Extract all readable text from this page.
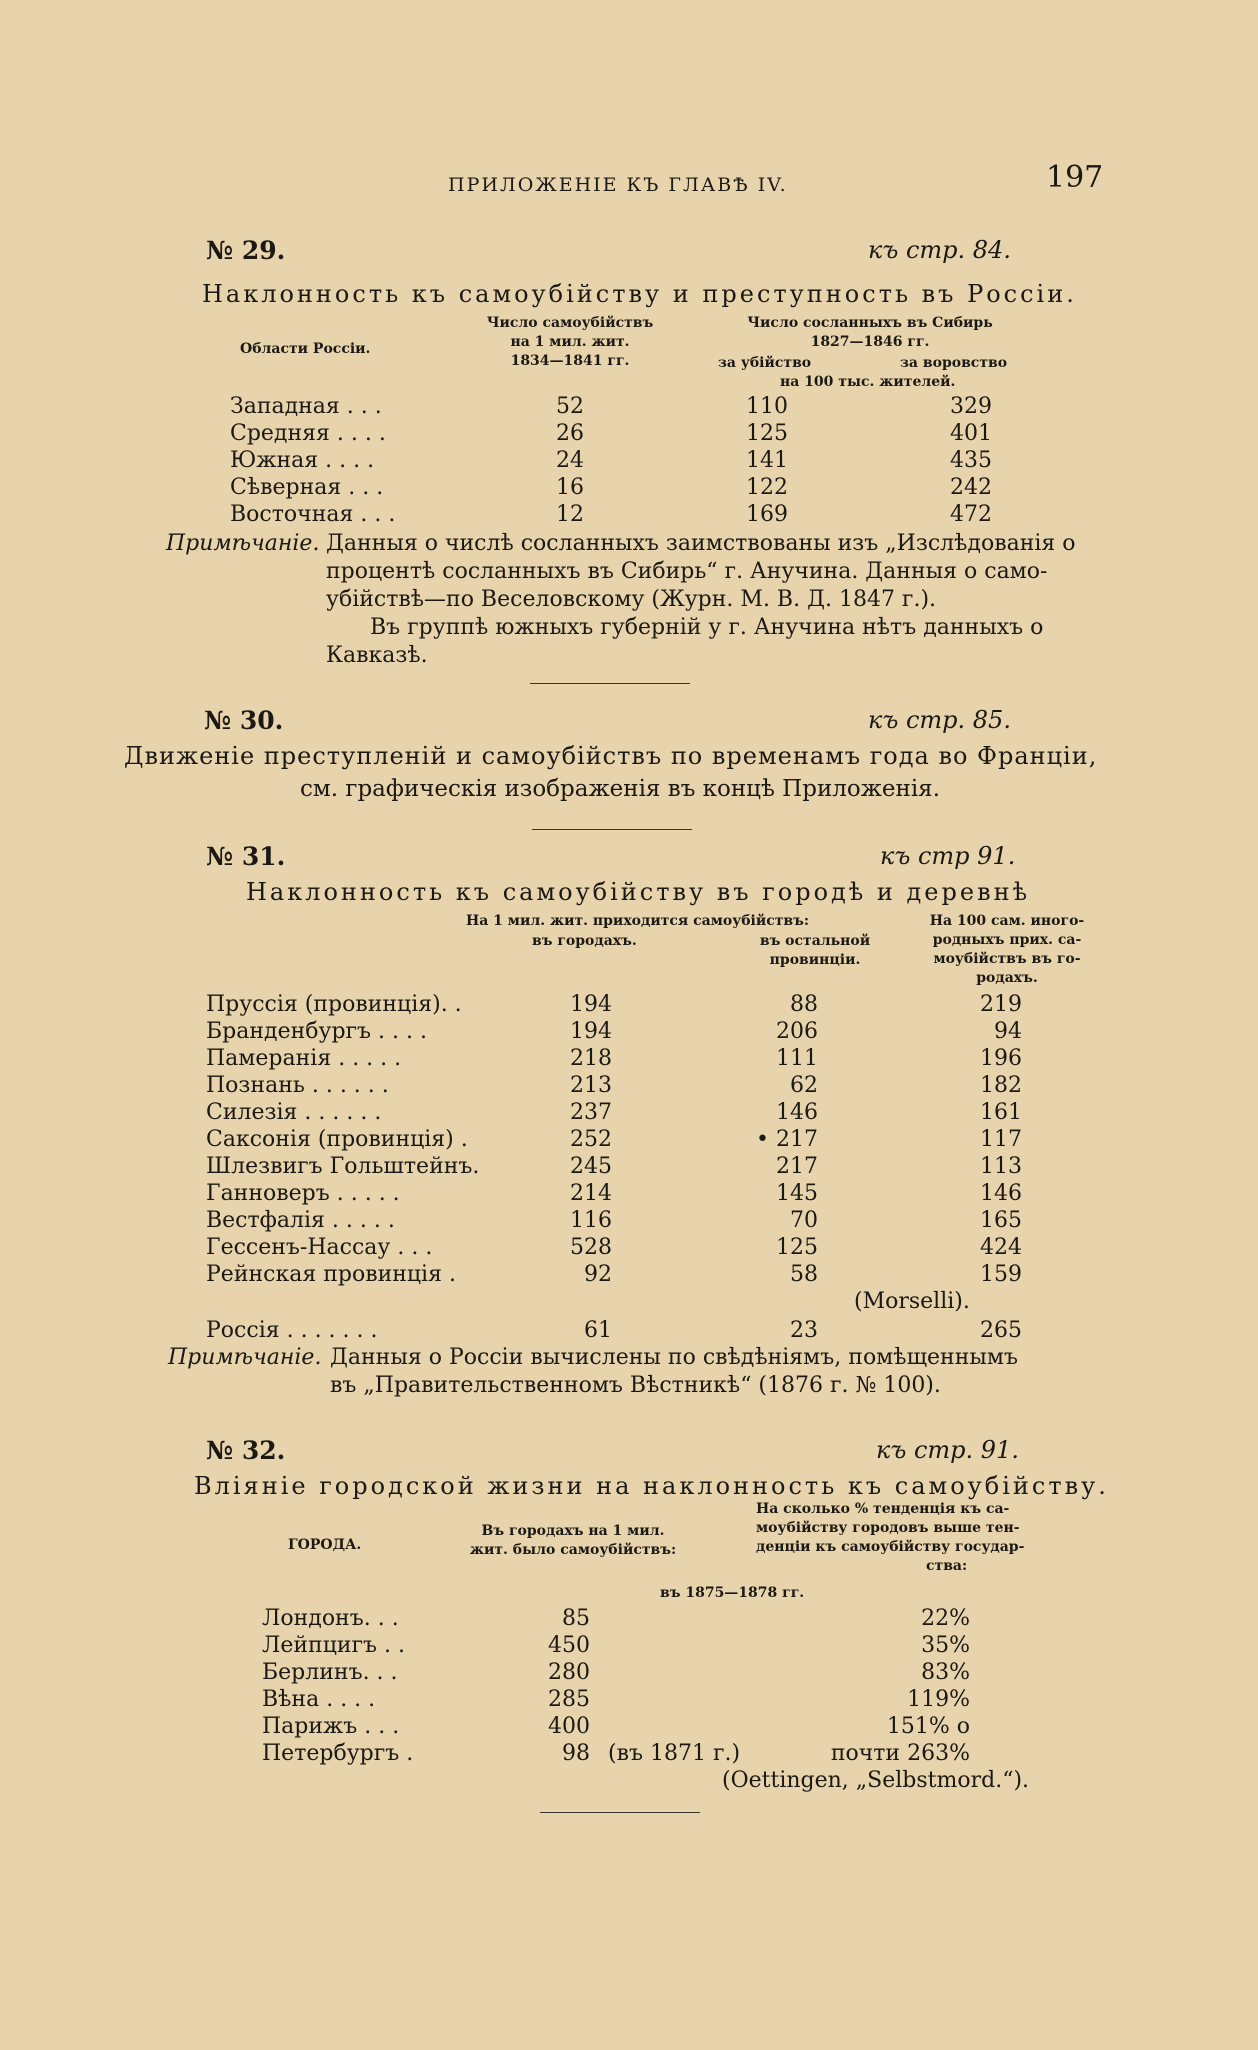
ПРИЛОЖЕНІЕ КЪ ГЛАВѢ IV.	197
№ 29.	къ стр. 84.
Наклонность къ самоубійству и преступность въ Россіи.
Области Россіи.
Число самоубійствъ
на 1 мил. жит.
1834—1841 гг.
Число сосланныхъ въ Сибирь
1827—1846 гг.
за убійство	за воровство
на 100 тыс. жителей.
Западная . . .	52	110	329
Средняя . . . .	26	125	401
Южная . . . .	24	141	435
Сѣверная . . .	16	122	242
Восточная . . .	12	169	472
Примѣчаніе. Данныя о числѣ сосланныхъ заимствованы изъ „Изслѣдованія о
процентѣ сосланныхъ въ Сибирь“ г. Анучина. Данныя о само-
убійствѣ—по Веселовскому (Журн. М. В. Д. 1847 г.).
Въ группѣ южныхъ губерній у г. Анучина нѣтъ данныхъ о
Кавказѣ.
№ 30.	къ стр. 85.
Движеніе преступленій и самоубійствъ по временамъ года во Франціи,
см. графическія изображенія въ концѣ Приложенія.
№ 31.	къ стр 91.
Наклонность къ самоубійству въ городѣ и деревнѣ
На 1 мил. жит. приходится самоубійствъ:
въ городахъ.	въ остальной
провинціи.
На 100 сам. иного-
родныхъ прих. са-
моубійствъ въ го-
родахъ.
Пруссія (провинція). .	194	88	219
Бранденбургъ . . . .	194	206	94
Памеранія . . . . .	218	111	196
Познань . . . . . .	213	62	182
Силезія . . . . . .	237	146	161
Саксонія (провинція) .	252	• 217	117
Шлезвигъ Гольштейнъ.	245	217	113
Ганноверъ . . . . .	214	145	146
Вестфалія . . . . .	116	70	165
Гессенъ-Нассау . . .	528	125	424
Рейнская провинція .	92	58	159
(Morselli).
Россія . . . . . . .	61	23	265
Примѣчаніе. Данныя о Россіи вычислены по свѣдѣніямъ, помѣщеннымъ
въ „Правительственномъ Вѣстникѣ“ (1876 г. № 100).
№ 32.	къ стр. 91.
Вліяніе городской жизни на наклонность къ самоубійству.
ГОРОДА.
Въ городахъ на 1 мил.
жит. было самоубійствъ:
На сколько % тенденція къ са-
моубійству городовъ выше тен-
денціи къ самоубійству государ-
ства:
въ 1875—1878 гг.
Лондонъ. . .	85	22%
Лейпцигъ . .	450	35%
Берлинъ. . .	280	83%
Вѣна . . . .	285	119%
Парижъ . . .	400	151% о
Петербургъ .	98 (въ 1871 г.)	почти 263%
(Oettingen, „Selbstmord.“).
